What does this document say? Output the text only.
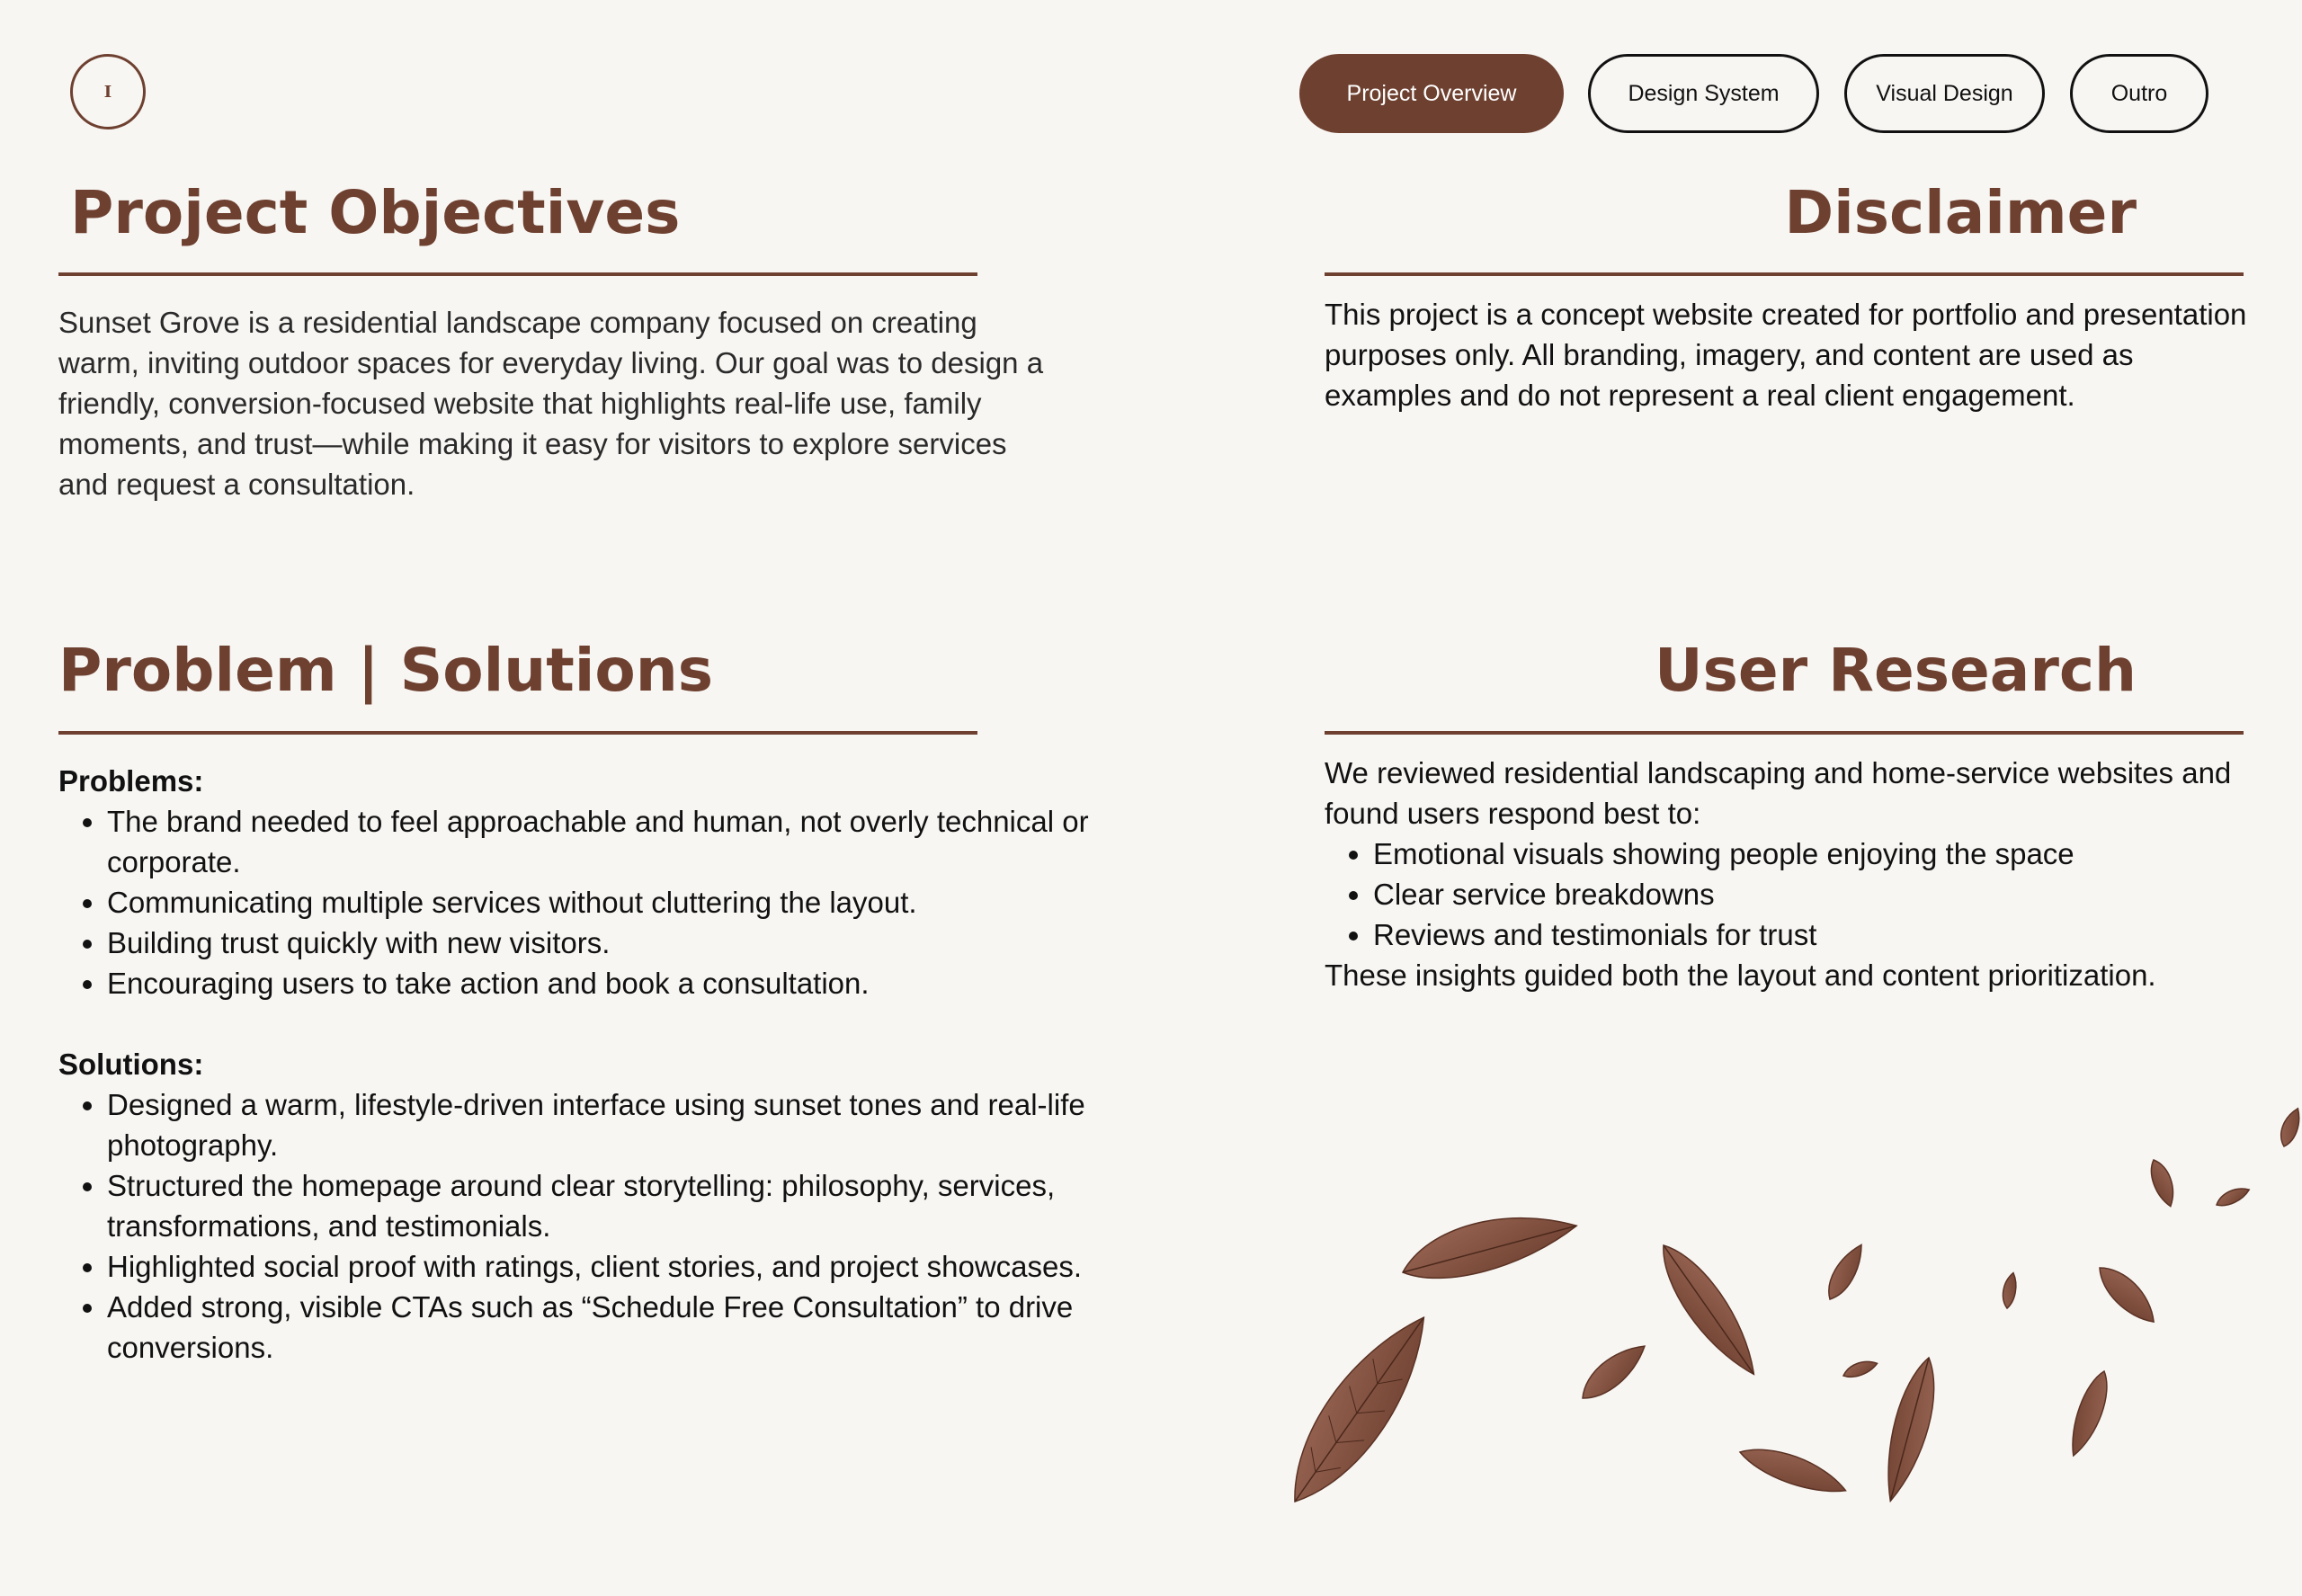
I	Project Overview	Design System	Visual Design	Outro
Project Objectives

Sunset Grove is a residential landscape company focused on creating warm, inviting outdoor spaces for everyday living. Our goal was to design a friendly, conversion-focused website that highlights real-life use, family moments, and trust—while making it easy for visitors to explore services and request a consultation.

Disclaimer

This project is a concept website created for portfolio and presentation purposes only. All branding, imagery, and content are used as examples and do not represent a real client engagement.

Problem | Solutions

Problems:

• The brand needed to feel approachable and human, not overly technical or corporate.
• Communicating multiple services without cluttering the layout.
• Building trust quickly with new visitors.
• Encouraging users to take action and book a consultation.

Solutions:

• Designed a warm, lifestyle-driven interface using sunset tones and real-life photography.
• Structured the homepage around clear storytelling: philosophy, services, transformations, and testimonials.
• Highlighted social proof with ratings, client stories, and project showcases.
• Added strong, visible CTAs such as “Schedule Free Consultation” to drive conversions.
User Research

We reviewed residential landscaping and home-service websites and found users respond best to:

• Emotional visuals showing people enjoying the space
• Clear service breakdowns
• Reviews and testimonials for trust

These insights guided both the layout and content prioritization.
